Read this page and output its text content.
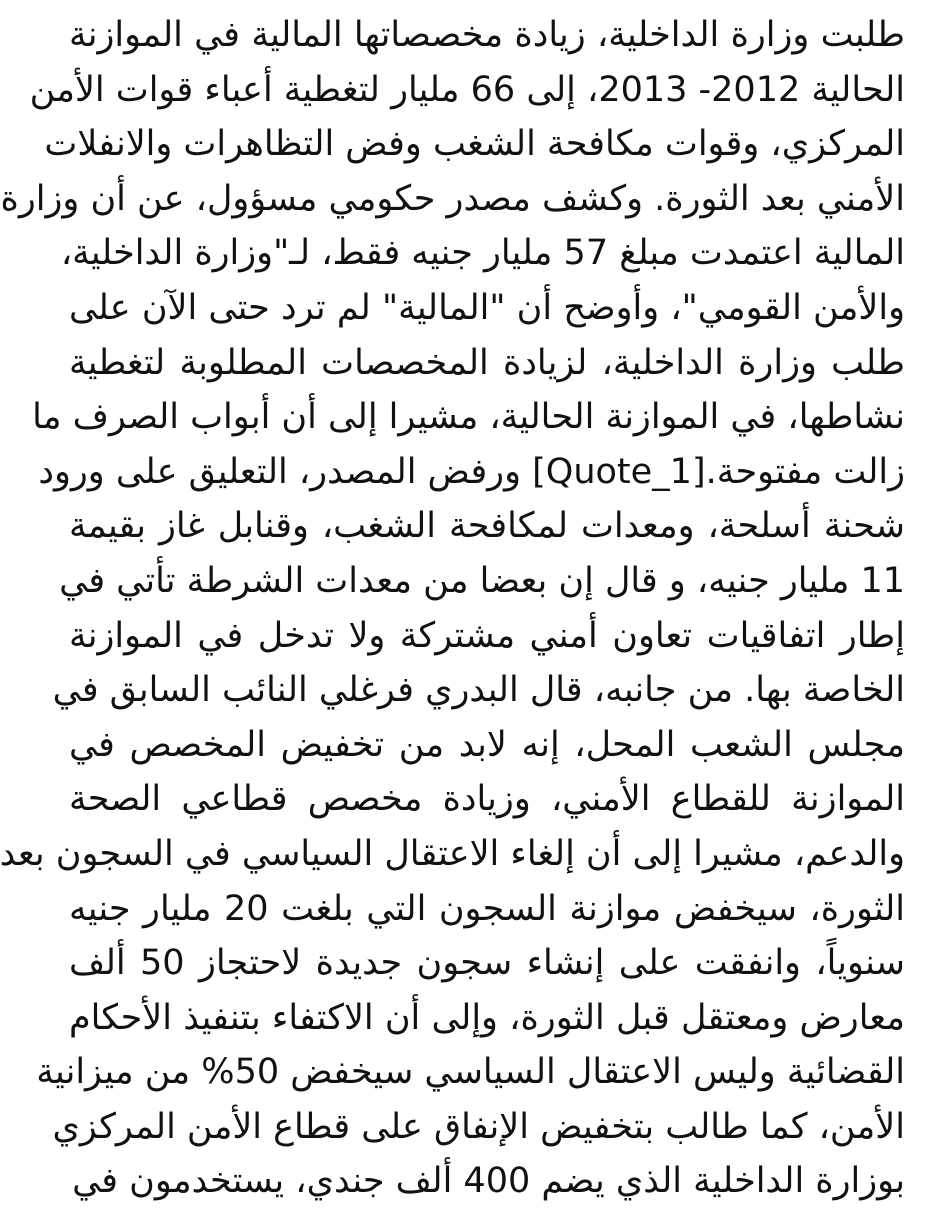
طلبت وزارة الداخلية، زيادة مخصصاتها المالية في الموازنة
الحالية 2012- 2013، إلى 66 مليار لتغطية أعباء قوات الأمن
المركزي، وقوات مكافحة الشغب وفض التظاهرات والانفلات
الأمني بعد الثورة. وكشف مصدر حكومي مسؤول، عن أن وزارة
المالية اعتمدت مبلغ 57 مليار جنيه فقط، لـ"وزارة الداخلية،
والأمن القومي"، وأوضح أن "المالية" لم ترد حتى الآن على
طلب وزارة الداخلية، لزيادة المخصصات المطلوبة لتغطية
نشاطها، في الموازنة الحالية، مشيرا إلى أن أبواب الصرف ما
زالت مفتوحة.[Quote_1] ورفض المصدر، التعليق على ورود
شحنة أسلحة، ومعدات لمكافحة الشغب، وقنابل غاز بقيمة
11 مليار جنيه، و قال إن بعضا من معدات الشرطة تأتي في
إطار اتفاقيات تعاون أمني مشتركة ولا تدخل في الموازنة
الخاصة بها. من جانبه، قال البدري فرغلي النائب السابق في
مجلس الشعب المحل، إنه لابد من تخفيض المخصص في
الموازنة للقطاع الأمني، وزيادة مخصص قطاعي الصحة
والدعم، مشيرا إلى أن إلغاء الاعتقال السياسي في السجون بعد
الثورة، سيخفض موازنة السجون التي بلغت 20 مليار جنيه
سنوياً، وانفقت على إنشاء سجون جديدة لاحتجاز 50 ألف
معارض ومعتقل قبل الثورة، وإلى أن الاكتفاء بتنفيذ الأحكام
القضائية وليس الاعتقال السياسي سيخفض 50% من ميزانية
الأمن، كما طالب بتخفيض الإنفاق على قطاع الأمن المركزي
بوزارة الداخلية الذي يضم 400 ألف جندي، يستخدمون في
